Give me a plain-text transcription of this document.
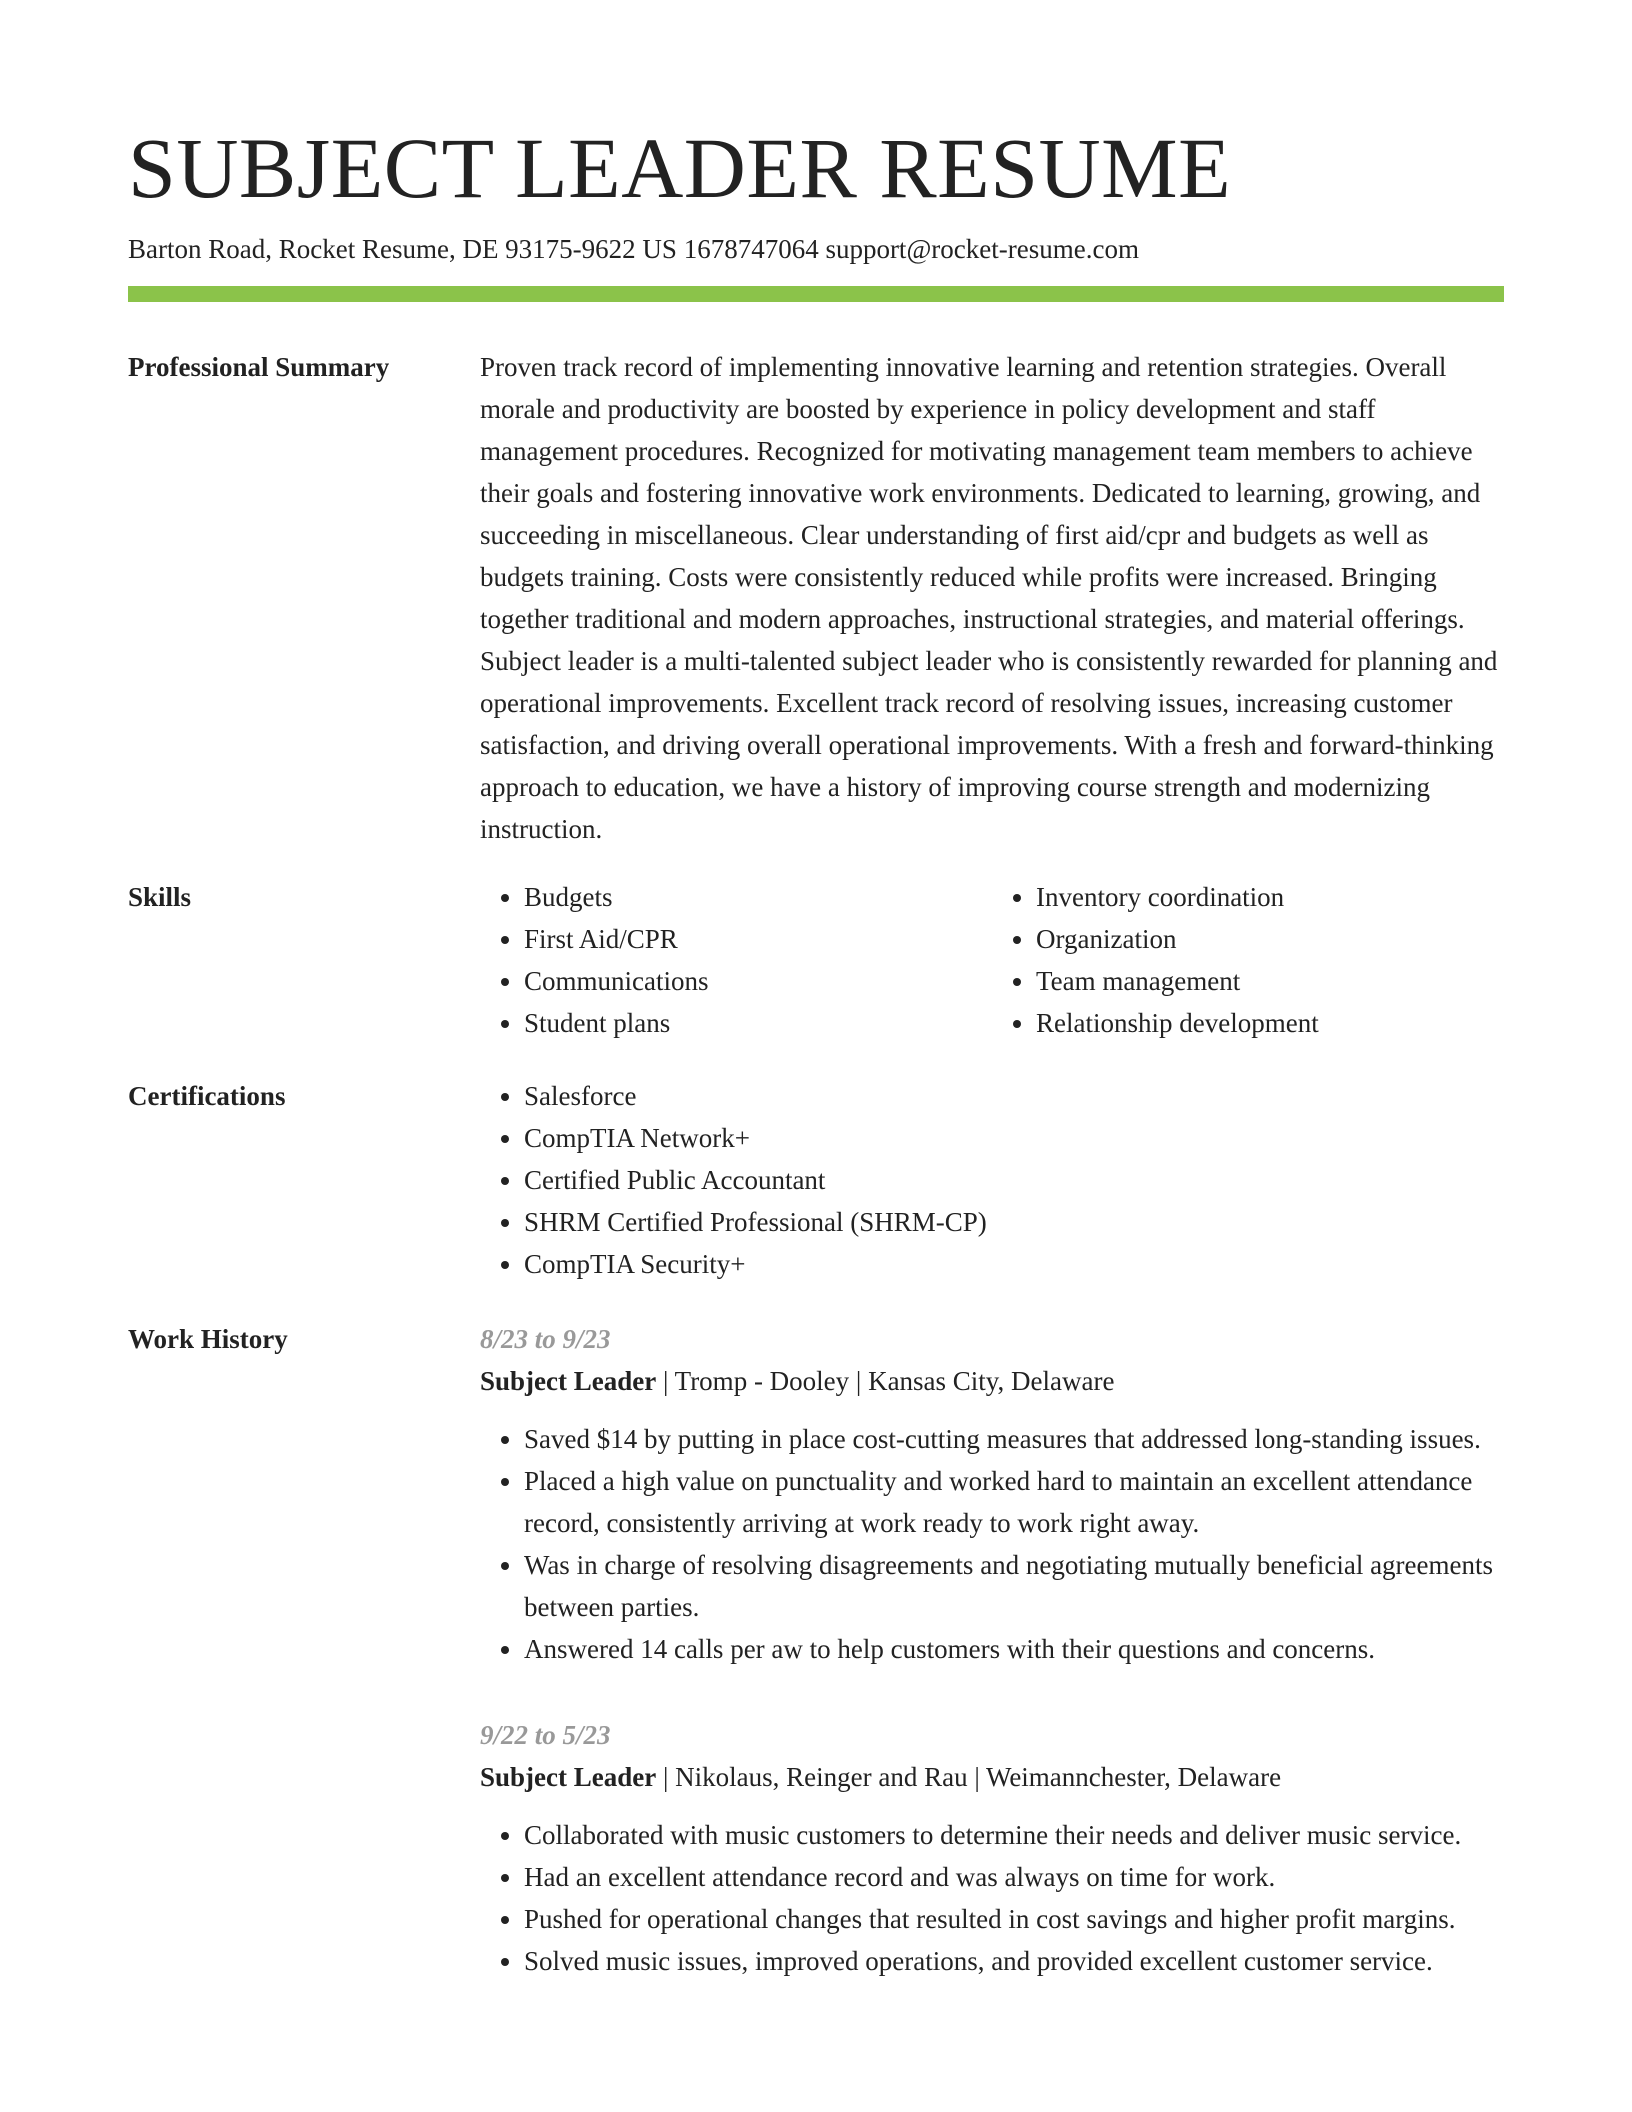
SUBJECT LEADER RESUME
Barton Road, Rocket Resume, DE 93175-9622 US 1678747064 support@rocket-resume.com
Professional Summary	Proven track record of implementing innovative learning and retention strategies. Overall morale and productivity are boosted by experience in policy development and staff management procedures. Recognized for motivating management team members to achieve their goals and fostering innovative work environments. Dedicated to learning, growing, and succeeding in miscellaneous. Clear understanding of first aid/cpr and budgets as well as budgets training. Costs were consistently reduced while profits were increased. Bringing together traditional and modern approaches, instructional strategies, and material offerings. Subject leader is a multi-talented subject leader who is consistently rewarded for planning and operational improvements. Excellent track record of resolving issues, increasing customer satisfaction, and driving overall operational improvements. With a fresh and forward-thinking approach to education, we have a history of improving course strength and modernizing instruction.

Skills	• Budgets
• First Aid/CPR
• Communications
• Student plans
• Inventory coordination
• Organization
• Team management
• Relationship development
Certifications	• Salesforce
• CompTIA Network+
• Certified Public Accountant
• SHRM Certified Professional (SHRM-CP)
• CompTIA Security+
Work History	8/23 to 9/23
Subject Leader | Tromp - Dooley | Kansas City, Delaware
• Saved $14 by putting in place cost-cutting measures that addressed long-standing issues.
• Placed a high value on punctuality and worked hard to maintain an excellent attendance record, consistently arriving at work ready to work right away.
• Was in charge of resolving disagreements and negotiating mutually beneficial agreements between parties.
• Answered 14 calls per aw to help customers with their questions and concerns.
9/22 to 5/23
Subject Leader | Nikolaus, Reinger and Rau | Weimannchester, Delaware
• Collaborated with music customers to determine their needs and deliver music service.
• Had an excellent attendance record and was always on time for work.
• Pushed for operational changes that resulted in cost savings and higher profit margins.
• Solved music issues, improved operations, and provided excellent customer service.
